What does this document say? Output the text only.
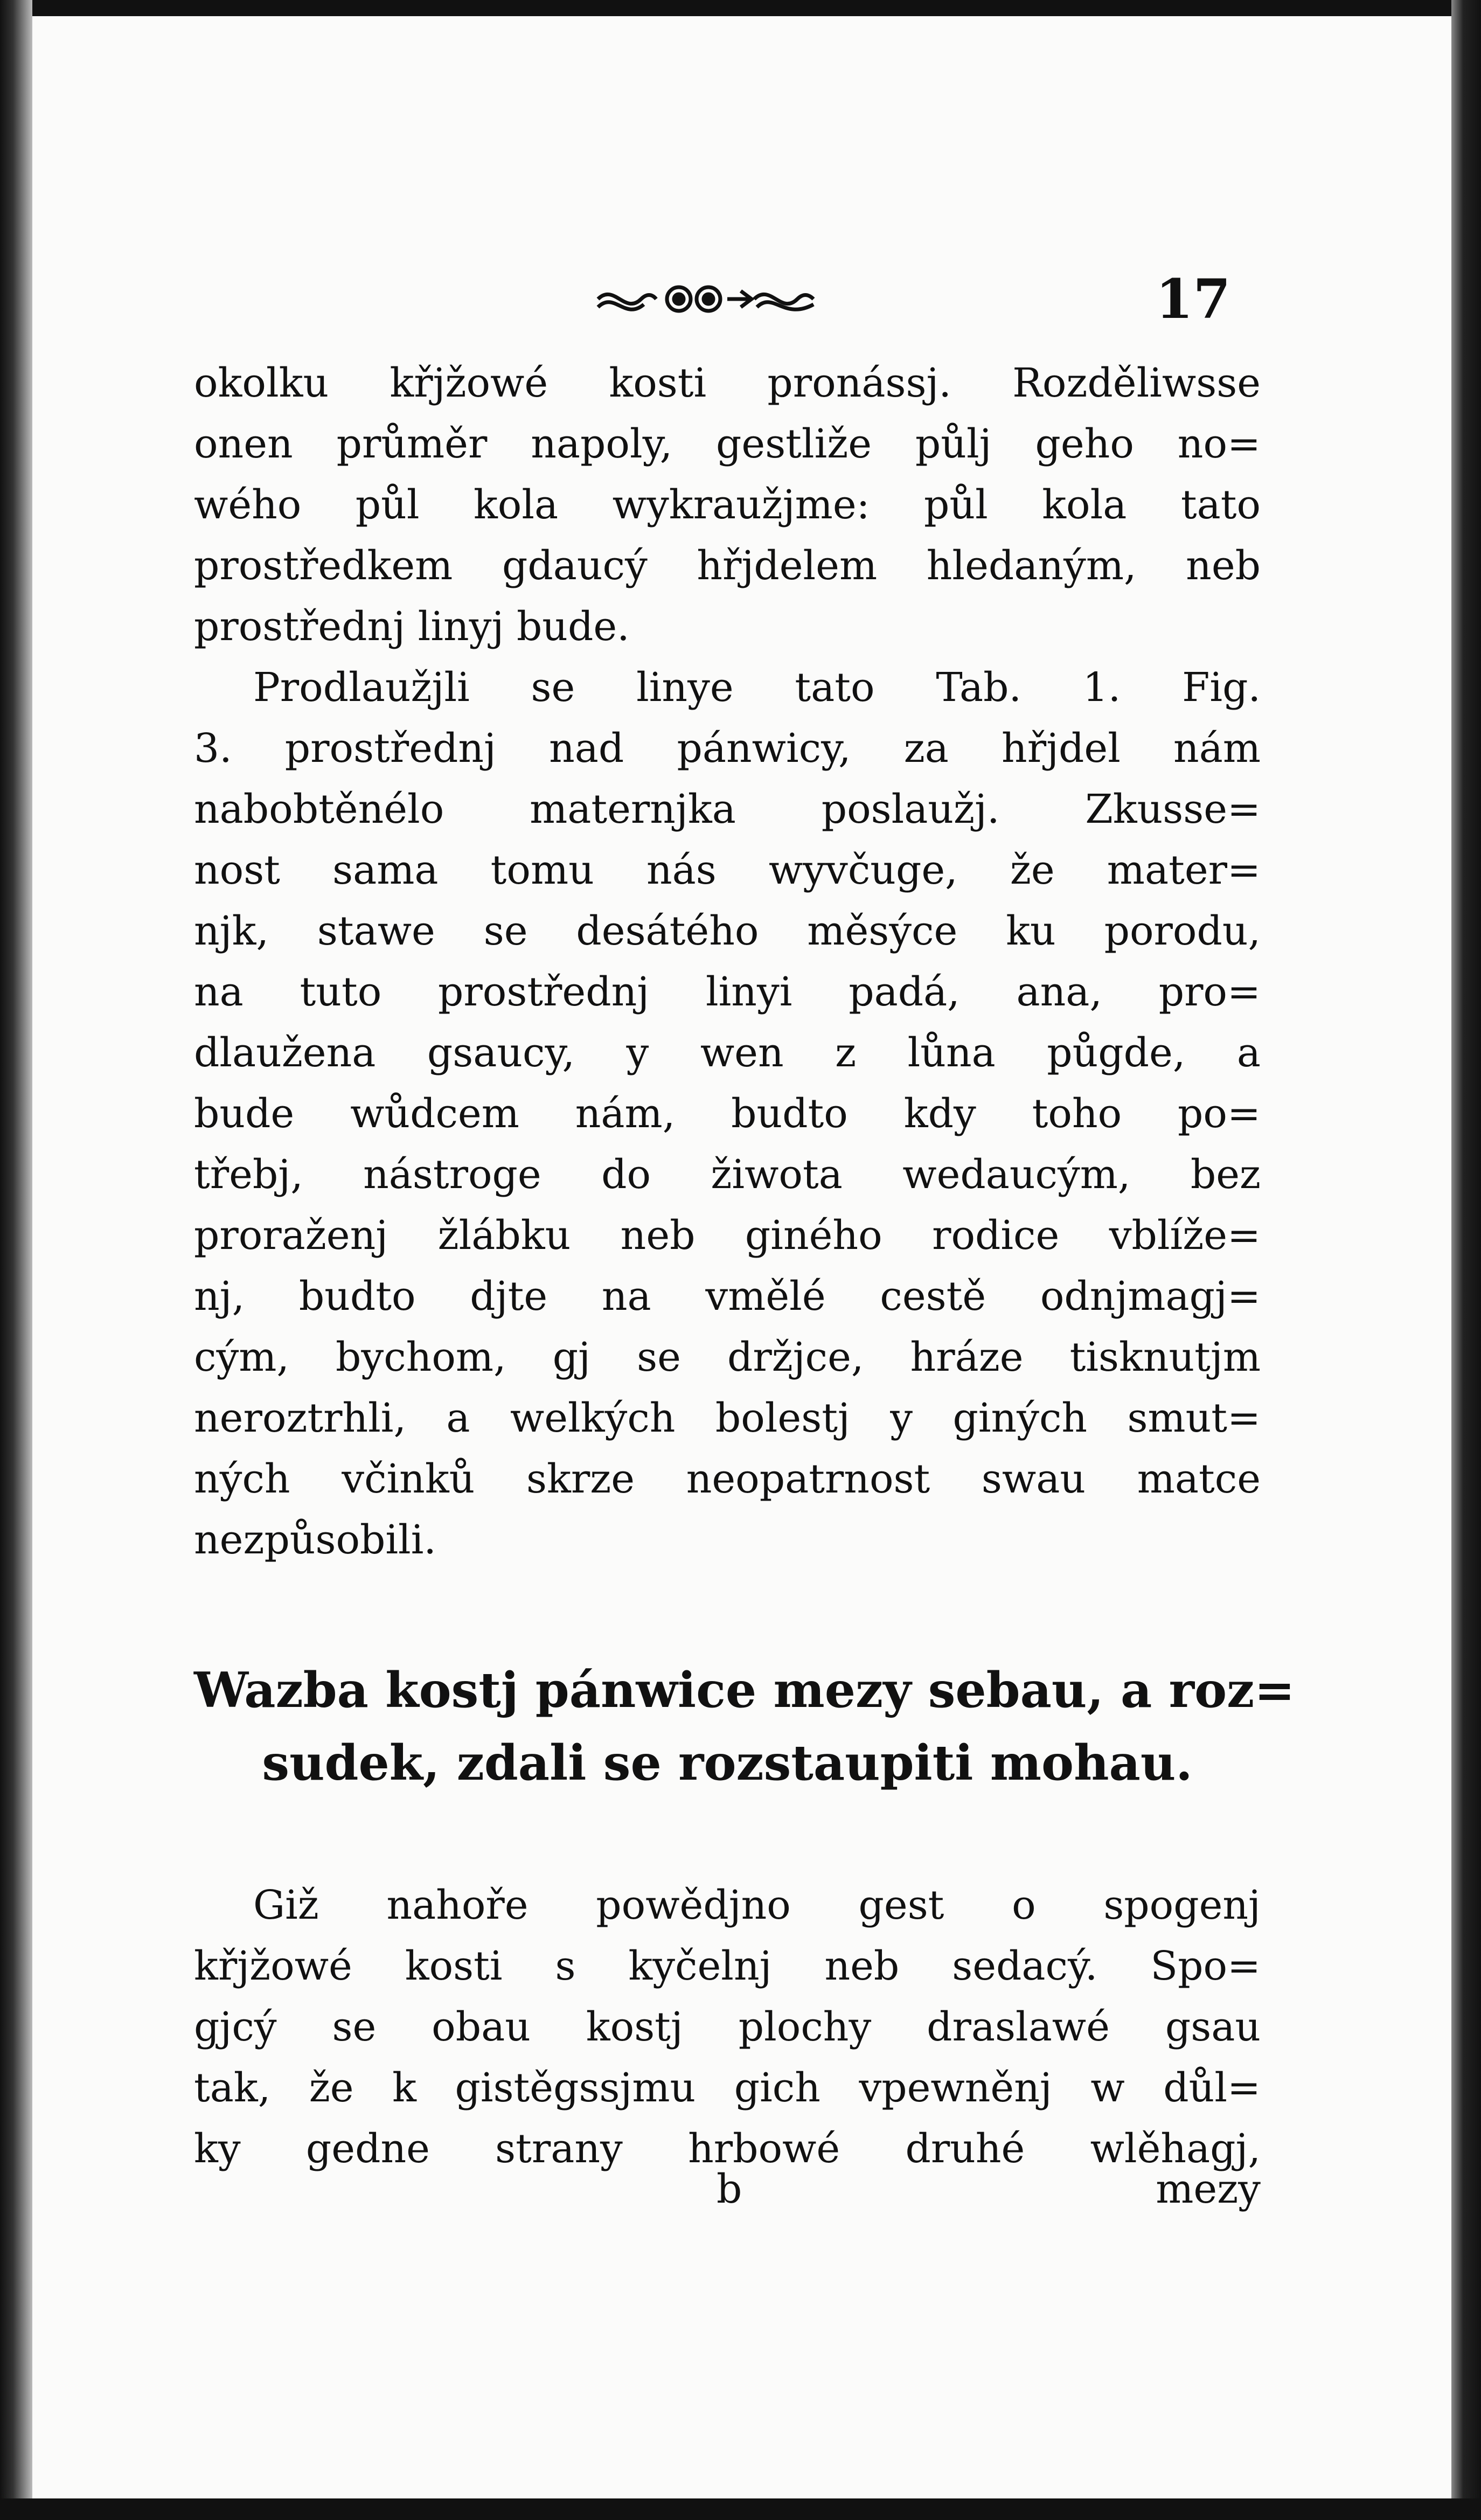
17
okolku křjžowé kosti pronássj. Rozděliwsse
onen průměr napoly, gestliže půlj geho no=
wého půl kola wykraužjme: půl kola tato
prostředkem gdaucý hřjdelem hledaným, neb
prostřednj linyj bude.
Prodlaužjli se linye tato Tab. 1. Fig.
3. prostřednj nad pánwicy, za hřjdel nám
nabobtěnélo maternjka poslaužj. Zkusse=
nost sama tomu nás wyvčuge, že mater=
njk, stawe se desátého měsýce ku porodu,
na tuto prostřednj linyi padá, ana, pro=
dlaužena gsaucy, y wen z lůna půgde, a
bude wůdcem nám, budto kdy toho po=
třebj, nástroge do žiwota wedaucým, bez
proraženj žlábku neb giného rodice vblíže=
nj, budto djte na vmělé cestě odnjmagj=
cým, bychom, gj se držjce, hráze tisknutjm
neroztrhli, a welkých bolestj y giných smut=
ných včinků skrze neopatrnost swau matce
nezpůsobili.
Wazba kostj pánwice mezy sebau, a roz=
sudek, zdali se rozstaupiti mohau.
Giž nahoře powědjno gest o spogenj
křjžowé kosti s kyčelnj neb sedacý. Spo=
gjcý se obau kostj plochy draslawé gsau
tak, že k gistěgssjmu gich vpewněnj w důl=
ky gedne strany hrbowé druhé wlěhagj,
b	mezy
